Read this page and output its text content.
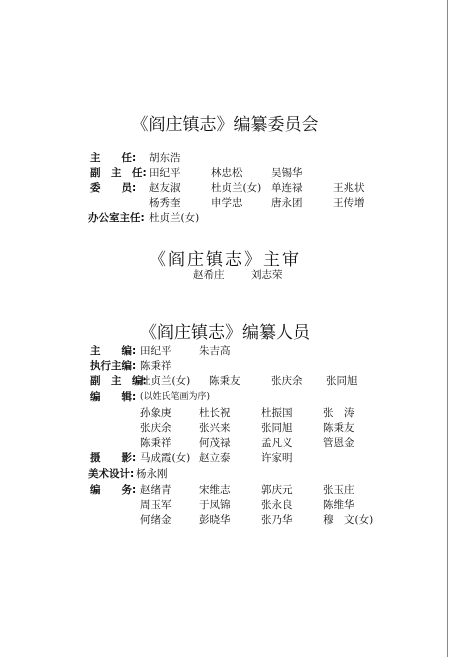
《阎庄镇志》编纂委员会
主　　任: 胡东浩
副　主　任: 田纪平	林忠松	吴锡华
委　　员: 赵友淑	杜贞兰(女) 单连禄	王兆状
杨秀奎	申学忠	唐永团	王传增
办公室主任: 杜贞兰(女)
《阎庄镇志》主审
赵希庄	刘志荣
《阎庄镇志》编纂人员
主　　编: 田纪平	朱吉高
执行主编: 陈秉祥
副　主　编:
杜贞兰(女) 陈秉友	张庆余 张同旭
编　　辑: (以姓氏笔画为序)
孙象庚	杜长祝	杜振国	张　涛
张庆余	张兴来	张同旭	陈秉友
陈秉祥	何茂禄	孟凡义	管恩金
摄　　影: 马成霞(女) 赵立泰	许家明
美术设计: 杨永刚
编　　务: 赵绪青	宋维志	郭庆元	张玉庄
周玉军	于凤锦	张永良	陈维华
何绪金	彭晓华	张乃华	穆　文(女)
